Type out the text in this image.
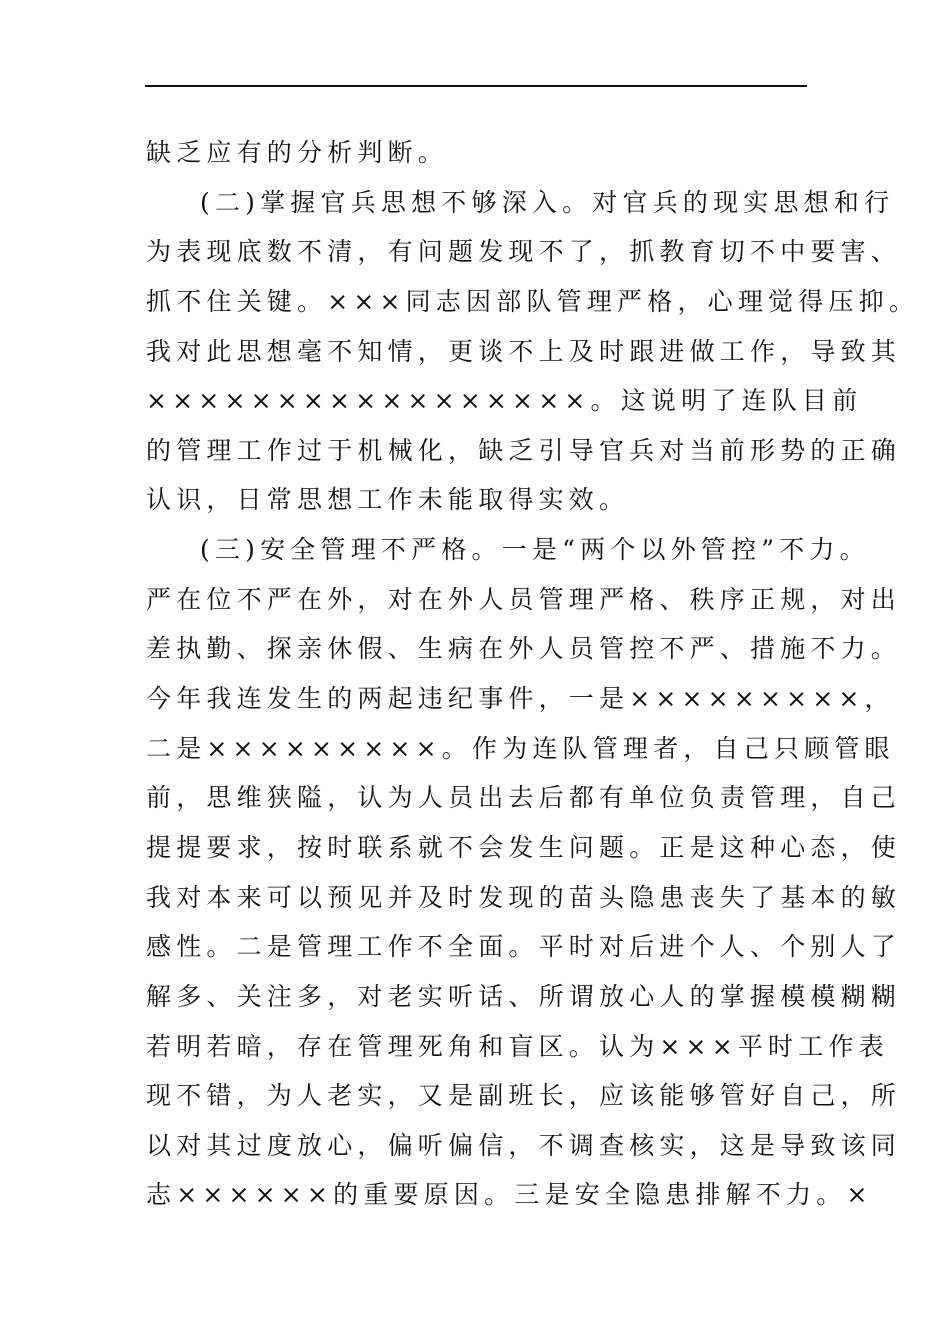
缺乏应有的分析判断。
(二)掌握官兵思想不够深入。对官兵的现实思想和行
为表现底数不清，有问题发现不了，抓教育切不中要害、
抓不住关键。×××同志因部队管理严格，心理觉得压抑。
我对此思想毫不知情，更谈不上及时跟进做工作，导致其
×××××××××××××××××。这说明了连队目前
的管理工作过于机械化，缺乏引导官兵对当前形势的正确
认识，日常思想工作未能取得实效。
(三)安全管理不严格。一是“两个以外管控”不力。
严在位不严在外，对在外人员管理严格、秩序正规，对出
差执勤、探亲休假、生病在外人员管控不严、措施不力。
今年我连发生的两起违纪事件，一是×××××××××，
二是×××××××××。作为连队管理者，自己只顾管眼
前，思维狭隘，认为人员出去后都有单位负责管理，自己
提提要求，按时联系就不会发生问题。正是这种心态，使
我对本来可以预见并及时发现的苗头隐患丧失了基本的敏
感性。二是管理工作不全面。平时对后进个人、个别人了
解多、关注多，对老实听话、所谓放心人的掌握模模糊糊
若明若暗，存在管理死角和盲区。认为×××平时工作表
现不错，为人老实，又是副班长，应该能够管好自己，所
以对其过度放心，偏听偏信，不调查核实，这是导致该同
志××××××的重要原因。三是安全隐患排解不力。×
